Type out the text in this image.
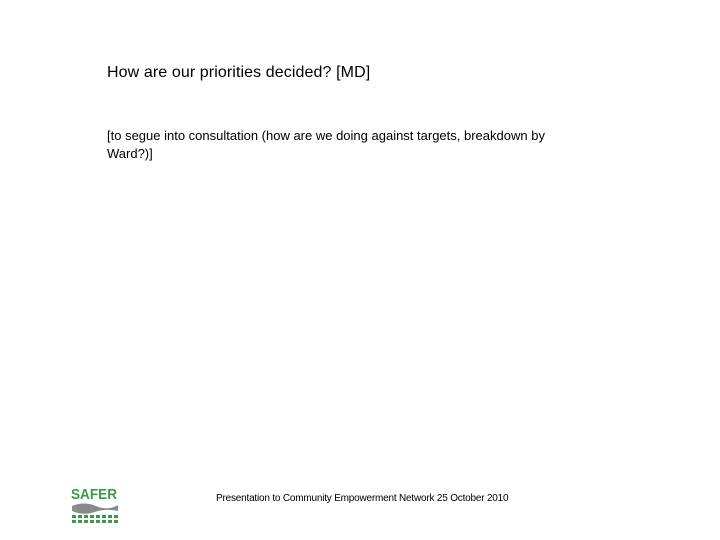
How are our priorities decided? [MD]
[to segue into consultation (how are we doing against targets, breakdown by Ward?)]
SAFER	Presentation to Community Empowerment Network 25 October 2010
